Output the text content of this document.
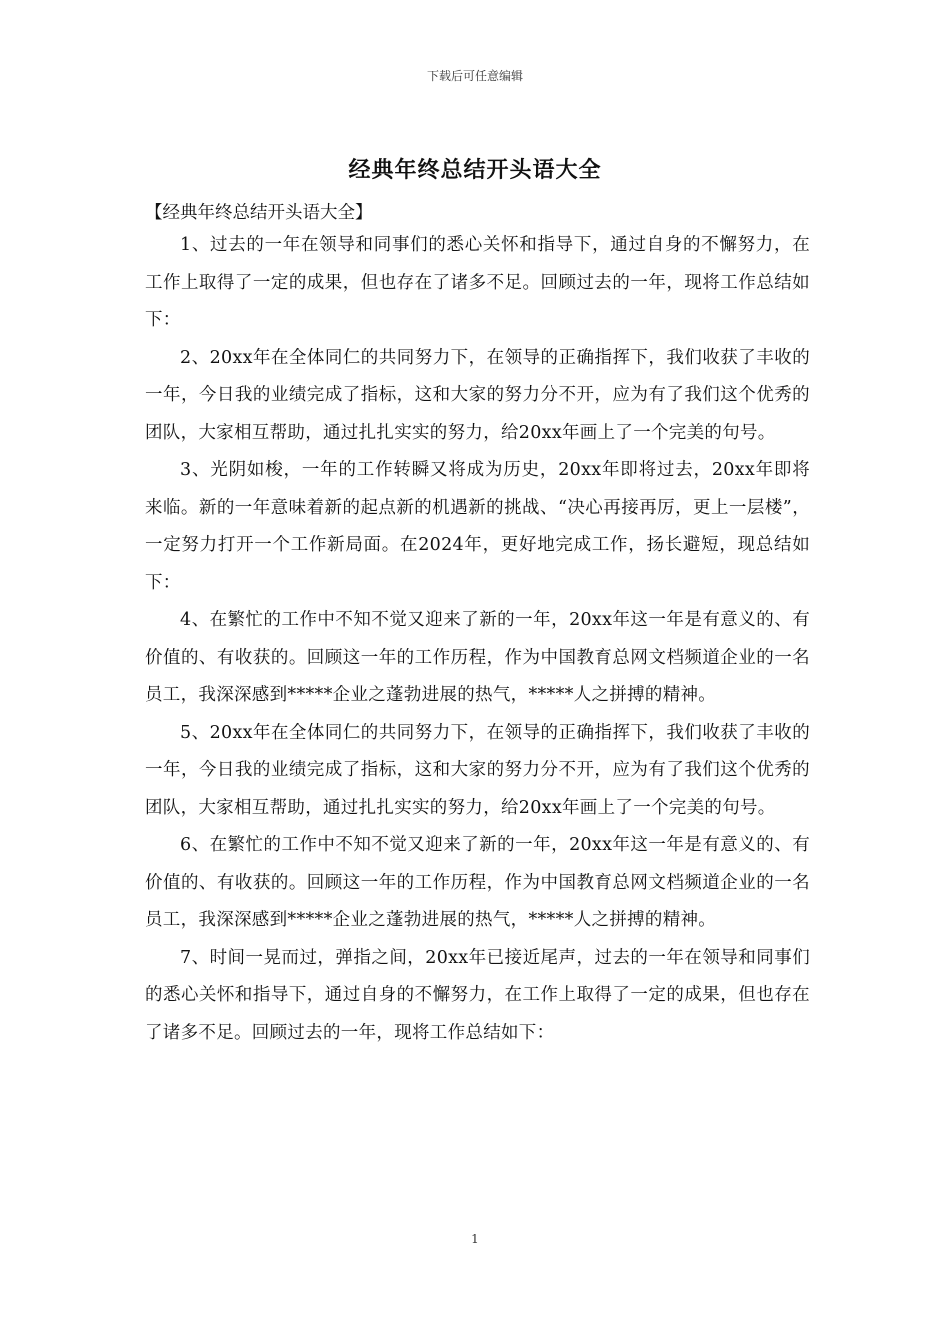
下载后可任意编辑
经典年终总结开头语大全
【经典年终总结开头语大全】

1、过去的一年在领导和同事们的悉心关怀和指导下，通过自身的不懈努力，在工作上取得了一定的成果，但也存在了诸多不足。回顾过去的一年，现将工作总结如下：

2、20xx年在全体同仁的共同努力下，在领导的正确指挥下，我们收获了丰收的一年，今日我的业绩完成了指标，这和大家的努力分不开，应为有了我们这个优秀的团队，大家相互帮助，通过扎扎实实的努力，给20xx年画上了一个完美的句号。

3、光阴如梭，一年的工作转瞬又将成为历史，20xx年即将过去，20xx年即将来临。新的一年意味着新的起点新的机遇新的挑战、“决心再接再厉，更上一层楼”，一定努力打开一个工作新局面。在2024年，更好地完成工作，扬长避短，现总结如下：

4、在繁忙的工作中不知不觉又迎来了新的一年，20xx年这一年是有意义的、有价值的、有收获的。回顾这一年的工作历程，作为中国教育总网文档频道企业的一名员工，我深深感到*****企业之蓬勃进展的热气，*****人之拼搏的精神。

5、20xx年在全体同仁的共同努力下，在领导的正确指挥下，我们收获了丰收的一年，今日我的业绩完成了指标，这和大家的努力分不开，应为有了我们这个优秀的团队，大家相互帮助，通过扎扎实实的努力，给20xx年画上了一个完美的句号。

6、在繁忙的工作中不知不觉又迎来了新的一年，20xx年这一年是有意义的、有价值的、有收获的。回顾这一年的工作历程，作为中国教育总网文档频道企业的一名员工，我深深感到*****企业之蓬勃进展的热气，*****人之拼搏的精神。

7、时间一晃而过，弹指之间，20xx年已接近尾声，过去的一年在领导和同事们的悉心关怀和指导下，通过自身的不懈努力，在工作上取得了一定的成果，但也存在了诸多不足。回顾过去的一年，现将工作总结如下：

1
